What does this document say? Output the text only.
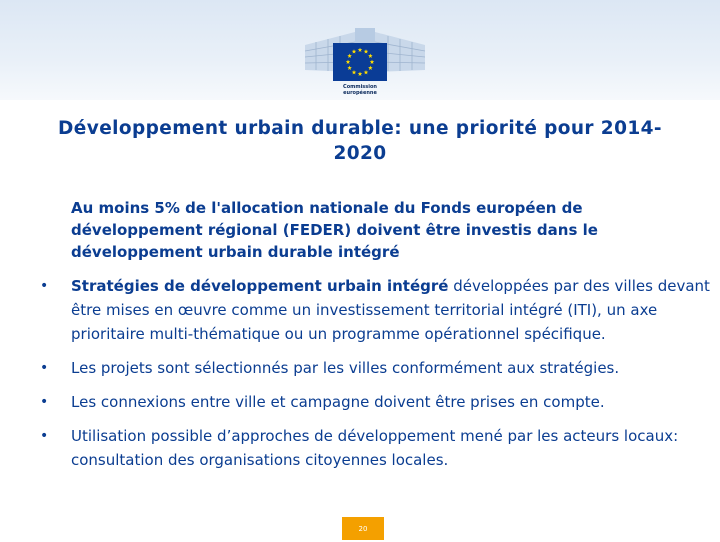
Commission
européenne
Développement urbain durable: une priorité pour 2014-2020
Au moins 5% de l'allocation nationale du Fonds européen de développement régional (FEDER) doivent être investis dans le développement urbain durable intégré
• Stratégies de développement urbain intégré développées par des villes devant être mises en œuvre comme un investissement territorial intégré (ITI), un axe prioritaire multi-thématique ou un programme opérationnel spécifique.
• Les projets sont sélectionnés par les villes conformément aux stratégies.
• Les connexions entre ville et campagne doivent être prises en compte.
• Utilisation possible d’approches de développement mené par les acteurs locaux: consultation des organisations citoyennes locales.
20
